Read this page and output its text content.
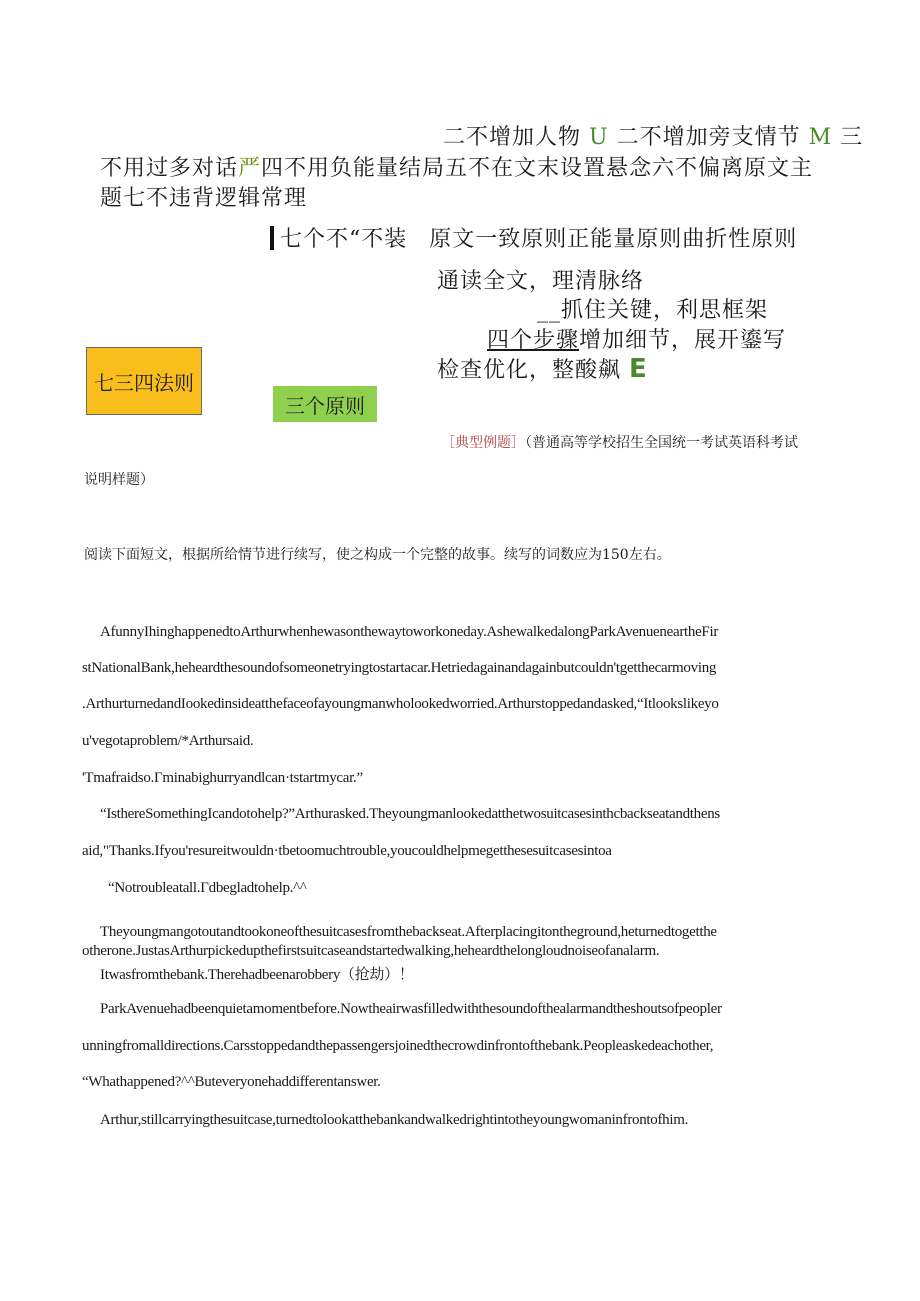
二不增加人物 U 二不增加旁支情节 M 三
不用过多对话严四不用负能量结局五不在文末设置悬念六不偏离原文主
题七不违背逻辑常理
七个不“不装 原文一致原则正能量原则曲折性原则
通读全文，理清脉络
__抓住关键，利思框架
四个步骤增加细节，展开鎏写
检查优化，整酸飙 E
七三四法则
三个原则
［典型例题］（普通高等学校招生全国统一考试英语科考试
说明样题）
阅读下面短文，根据所给情节进行续写，使之构成一个完整的故事。续写的词数应为150左右。
AfunnyIhinghappenedtoArthurwhenhewasonthewaytoworkoneday.AshewalkedalongParkAvenueneartheFir
stNationalBank,heheardthesoundofsomeonetryingtostartacar.Hetriedagainandagainbutcouldn'tgetthecarmoving
.ArthurturnedandIookedinsideattheface​ofayoungmanwholookedworried.Arthurstoppedandasked,“Itlookslikeyo
u'vegotaproblem/*Arthursaid.
'Tmafraidso.Γminabighurryandlcan·tstartmycar.”
“IsthereSomethingIcandotohelp?”Arthurasked.Theyoungmanlookedatthetwosuitcasesinthcbackseatandthens
aid,"Thanks.Ifyou'resureitwouldn·tbetoomuchtrouble,youcouldhelpmegetthesesuitcasesintoa
“Notroubleatall.Γdbegladtohelp.^^
Theyoungmangotoutandtookoneofthesuitcasesfromthebackseat.Afterplacingitontheground,heturnedtogetthe
otherone.JustasArthurpickedupthefirstsuitcaseandstartedwalking,heheardthelongloudnoiseofanalarm.
Itwasfromthebank.Therehadbeenarobbery（抢劫）！
ParkAvenuehadbeenquietamomentbefore.Nowtheairwasfilledwiththesoundofthealarmandtheshoutsofpeopler
unningfromalldirections.Carsstoppedandthepassengersjoinedthecrowdinfrontofthebank.Peopleaskedeachother,
“Whathappened?^^Buteveryonehaddifferentanswer.
Arthur,stillcarryingthesuitcase,turnedtolookatthebankandwalkedrightintotheyoungwomaninfrontofhim.
